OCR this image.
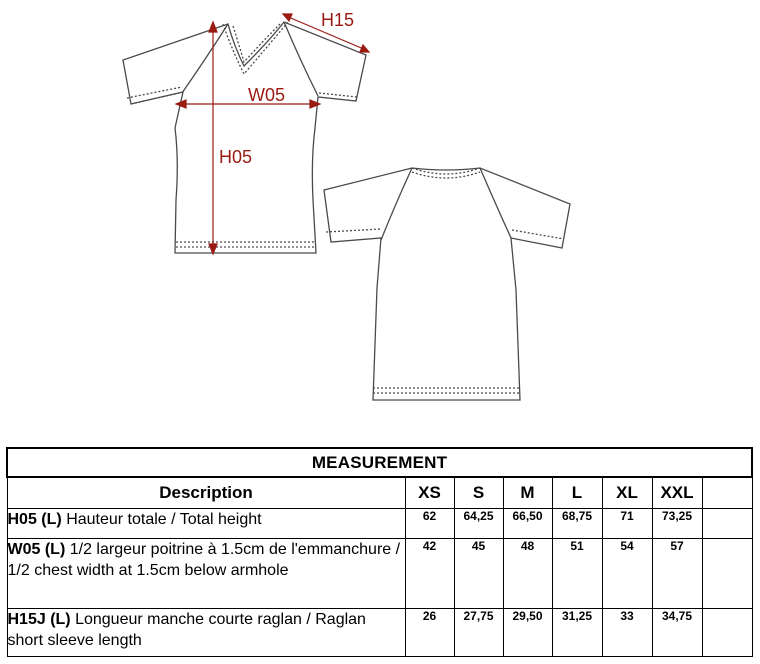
H15
W05
H05
MEASUREMENT							
Description	XS	S	M	L	XL	XXL	
H05 (L) Hauteur totale / Total height	62	64,25	66,50	68,75	71	73,25	
W05 (L) 1/2 largeur poitrine à 1.5cm de l'emmanchure / 1/2 chest width at 1.5cm below armhole	42	45	48	51	54	57	
H15J (L) Longueur manche courte raglan / Raglan short sleeve length	26	27,75	29,50	31,25	33	34,75	
